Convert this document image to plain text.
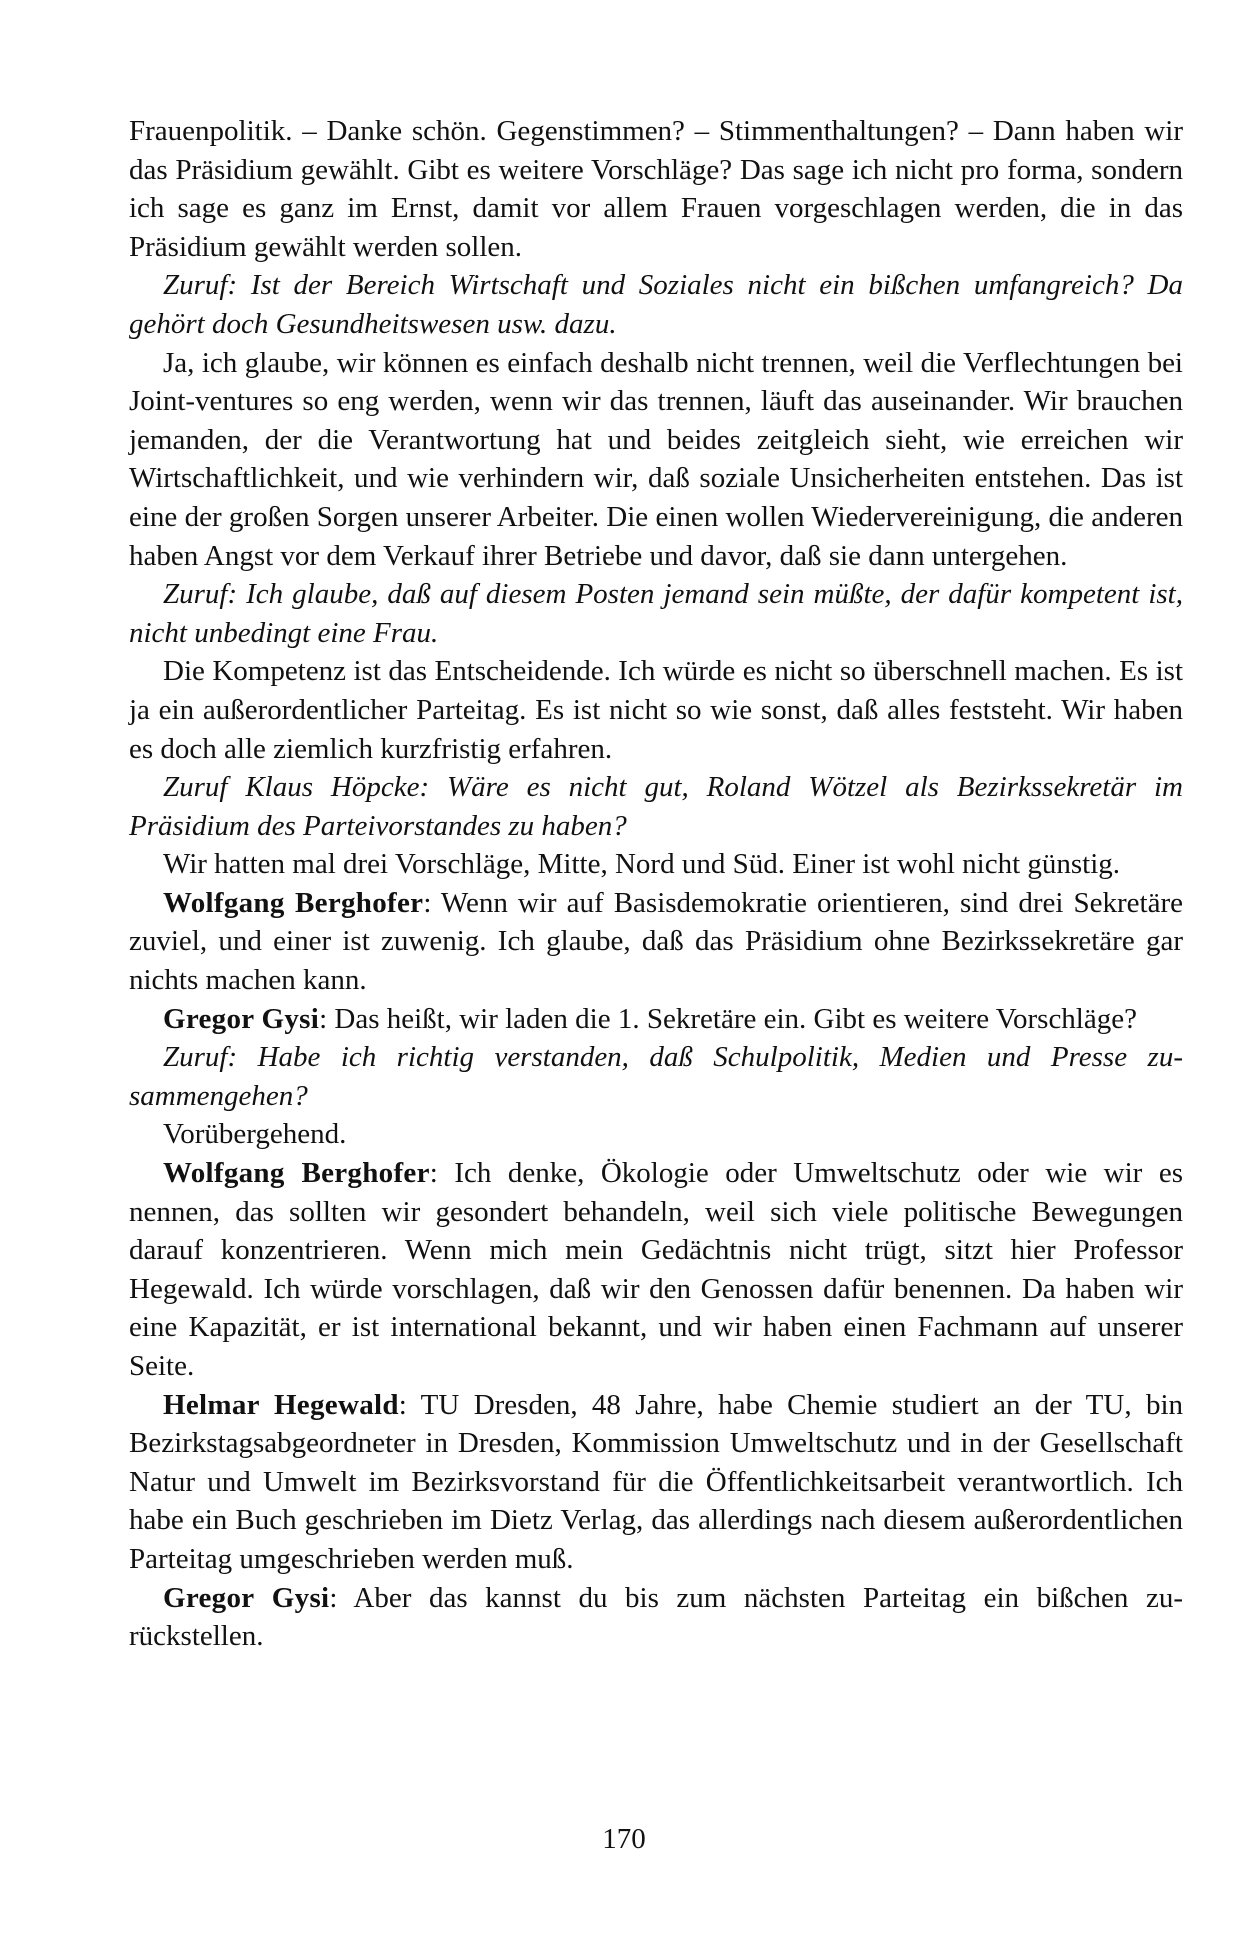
Frauenpolitik. – Danke schön. Gegenstimmen? – Stimmenthaltungen? – Dann haben wir das Präsidium gewählt. Gibt es weitere Vorschläge? Das sage ich nicht pro forma, sondern ich sage es ganz im Ernst, damit vor allem Frauen vorgeschlagen werden, die in das Präsidium gewählt werden sollen.

Zuruf: Ist der Bereich Wirtschaft und Soziales nicht ein bißchen umfangreich? Da gehört doch Gesundheitswesen usw. dazu.

Ja, ich glaube, wir können es einfach deshalb nicht trennen, weil die Verflechtungen bei Joint-ventures so eng werden, wenn wir das trennen, läuft das auseinander. Wir brauchen jemanden, der die Verantwortung hat und beides zeitgleich sieht, wie erreichen wir Wirtschaftlichkeit, und wie verhindern wir, daß soziale Unsicherheiten entstehen. Das ist eine der großen Sorgen unserer Arbeiter. Die einen wollen Wiedervereinigung, die anderen haben Angst vor dem Verkauf ihrer Betriebe und davor, daß sie dann untergehen.

Zuruf: Ich glaube, daß auf diesem Posten jemand sein müßte, der dafür kompetent ist, nicht unbedingt eine Frau.

Die Kompetenz ist das Entscheidende. Ich würde es nicht so überschnell machen. Es ist ja ein außerordentlicher Parteitag. Es ist nicht so wie sonst, daß alles feststeht. Wir haben es doch alle ziemlich kurzfristig erfahren.

Zuruf Klaus Höpcke: Wäre es nicht gut, Roland Wötzel als Bezirkssekretär im Präsidium des Parteivorstandes zu haben?

Wir hatten mal drei Vorschläge, Mitte, Nord und Süd. Einer ist wohl nicht günstig.

Wolfgang Berghofer: Wenn wir auf Basisdemokratie orientieren, sind drei Sekretäre zuviel, und einer ist zuwenig. Ich glaube, daß das Präsidium ohne Bezirkssekretäre gar nichts machen kann.

Gregor Gysi: Das heißt, wir laden die 1. Sekretäre ein. Gibt es weitere Vorschläge?

Zuruf: Habe ich richtig verstanden, daß Schulpolitik, Medien und Presse zusammengehen?

Vorübergehend.

Wolfgang Berghofer: Ich denke, Ökologie oder Umweltschutz oder wie wir es nennen, das sollten wir gesondert behandeln, weil sich viele politische Bewegungen darauf konzentrieren. Wenn mich mein Gedächtnis nicht trügt, sitzt hier Professor Hegewald. Ich würde vorschlagen, daß wir den Genossen dafür benennen. Da haben wir eine Kapazität, er ist international bekannt, und wir haben einen Fachmann auf unserer Seite.

Helmar Hegewald: TU Dresden, 48 Jahre, habe Chemie studiert an der TU, bin Bezirkstagsabgeordneter in Dresden, Kommission Umweltschutz und in der Gesellschaft Natur und Umwelt im Bezirksvorstand für die Öffentlichkeitsarbeit verantwortlich. Ich habe ein Buch geschrieben im Dietz Verlag, das allerdings nach diesem außerordentlichen Parteitag umgeschrieben werden muß.

Gregor Gysi: Aber das kannst du bis zum nächsten Parteitag ein bißchen zurückstellen.

170
